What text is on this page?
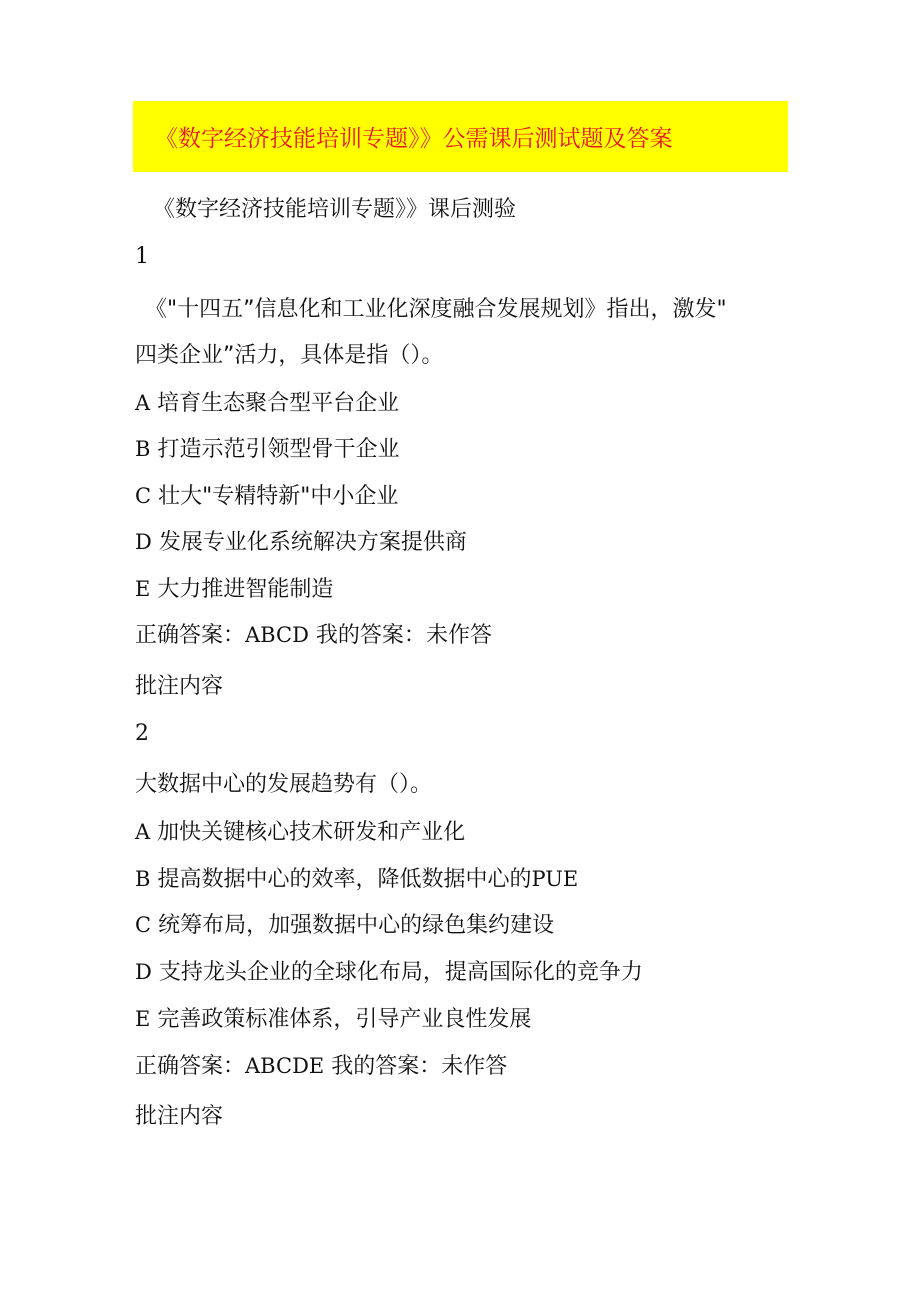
《数字经济技能培训专题》》公需课后测试题及答案
《数字经济技能培训专题》》课后测验
1
《"十四五”信息化和工业化深度融合发展规划》指出，激发"
四类企业”活力，具体是指（）。
A 培育生态聚合型平台企业
B 打造示范引领型骨干企业
C 壮大"专精特新"中小企业
D 发展专业化系统解决方案提供商
E 大力推进智能制造
正确答案：ABCD 我的答案：未作答
批注内容
2
大数据中心的发展趋势有（）。
A 加快关键核心技术研发和产业化
B 提高数据中心的效率，降低数据中心的PUE
C 统筹布局，加强数据中心的绿色集约建设
D 支持龙头企业的全球化布局，提高国际化的竞争力
E 完善政策标准体系，引导产业良性发展
正确答案：ABCDE 我的答案：未作答
批注内容
